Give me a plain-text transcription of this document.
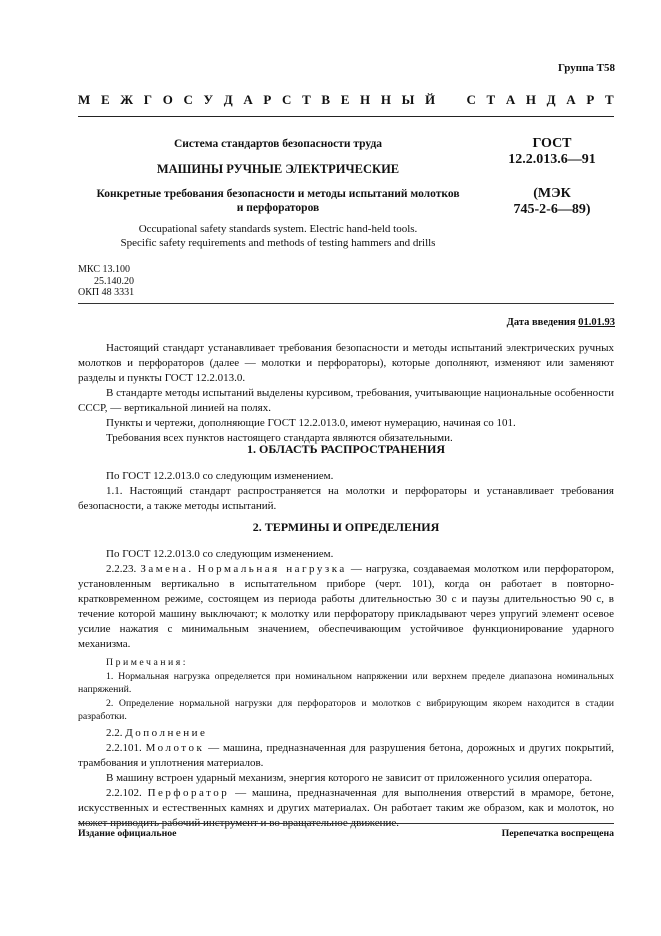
Группа Т58
М Е Ж Г О С У Д А Р С Т В Е Н Н Ы Й С Т А Н Д А Р Т
Система стандартов безопасности труда
МАШИНЫ РУЧНЫЕ ЭЛЕКТРИЧЕСКИЕ
Конкретные требования безопасности и методы испытаний молотков
и перфораторов
Occupational safety standards system. Electric hand-held tools.
Specific safety requirements and methods of testing hammers and drills
ГОСТ
12.2.013.6—91
(МЭК
745-2-6—89)
МКС 13.100
25.140.20
ОКП 48 3331
Дата введения 01.01.93

Настоящий стандарт устанавливает требования безопасности и методы испытаний электрических ручных молотков и перфораторов (далее — молотки и перфораторы), которые дополняют, изменяют или заменяют разделы и пункты ГОСТ 12.2.013.0.

В стандарте методы испытаний выделены курсивом, требования, учитывающие национальные особенности СССР, — вертикальной линией на полях.

Пункты и чертежи, дополняющие ГОСТ 12.2.013.0, имеют нумерацию, начиная со 101.

Требования всех пунктов настоящего стандарта являются обязательными.

1. ОБЛАСТЬ РАСПРОСТРАНЕНИЯ

По ГОСТ 12.2.013.0 со следующим изменением.

1.1. Настоящий стандарт распространяется на молотки и перфораторы и устанавливает требования безопасности, а также методы испытаний.

2. ТЕРМИНЫ И ОПРЕДЕЛЕНИЯ

По ГОСТ 12.2.013.0 со следующим изменением.

2.2.23. Замена. Нормальная нагрузка — нагрузка, создаваемая молотком или перфоратором, установленным вертикально в испытательном приборе (черт. 101), когда он работает в повторно-кратковременном режиме, состоящем из периода работы длительностью 30 с и паузы длительностью 90 с, в течение которой машину выключают; к молотку или перфоратору прикладывают через упругий элемент осевое усилие нажатия с минимальным значением, обеспечивающим устойчивое функционирование ударного механизма.

Примечания:

1. Нормальная нагрузка определяется при номинальном напряжении или верхнем пределе диапазона номинальных напряжений.

2. Определение нормальной нагрузки для перфораторов и молотков с вибрирующим якорем находится в стадии разработки.

2.2. Дополнение

2.2.101. Молоток — машина, предназначенная для разрушения бетона, дорожных и других покрытий, трамбования и уплотнения материалов.

В машину встроен ударный механизм, энергия которого не зависит от приложенного усилия оператора.

2.2.102. Перфоратор — машина, предназначенная для выполнения отверстий в мраморе, бетоне, искусственных и естественных камнях и других материалах. Он работает таким же образом, как и молоток, но может приводить рабочий инструмент и во вращательное движение.

Издание официальное	Перепечатка воспрещена
